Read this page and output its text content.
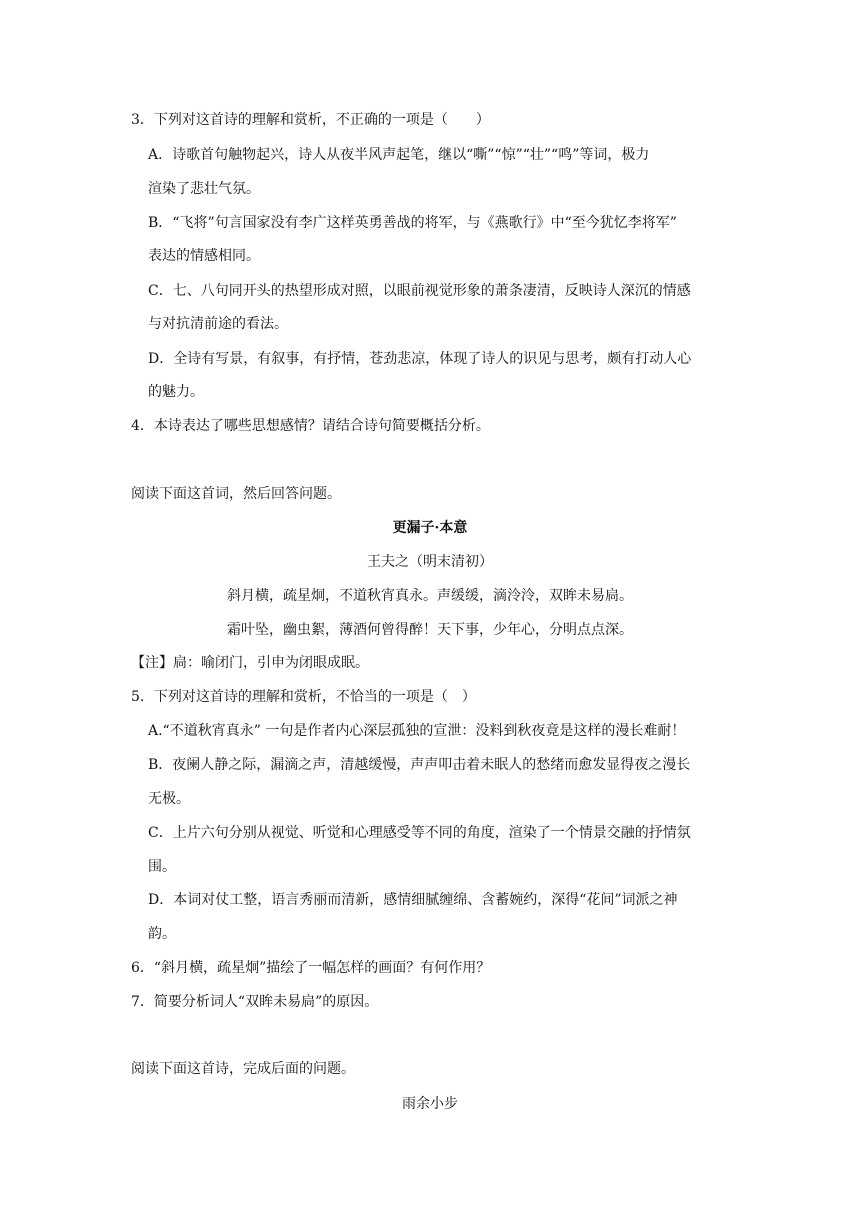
3．下列对这首诗的理解和赏析，不正确的一项是（　　）
A．诗歌首句触物起兴，诗人从夜半风声起笔，继以“嘶”“惊”“壮”“鸣”等词，极力
渲染了悲壮气氛。
B．“飞将”句言国家没有李广这样英勇善战的将军，与《燕歌行》中“至今犹忆李将军”
表达的情感相同。
C．七、八句同开头的热望形成对照，以眼前视觉形象的萧条凄清，反映诗人深沉的情感
与对抗清前途的看法。
D．全诗有写景，有叙事，有抒情，苍劲悲凉，体现了诗人的识见与思考，颇有打动人心
的魅力。
4．本诗表达了哪些思想感情？请结合诗句简要概括分析。
阅读下面这首词，然后回答问题。
更漏子·本意
王夫之（明末清初）
斜月横，疏星炯，不道秋宵真永。声缓缓，滴泠泠，双眸未易扃。
霜叶坠，幽虫絮，薄酒何曾得醉！天下事，少年心，分明点点深。
【注】扃：喻闭门，引申为闭眼成眠。
5．下列对这首诗的理解和赏析，不恰当的一项是（　）
A.“不道秋宵真永” 一句是作者内心深层孤独的宣泄：没料到秋夜竟是这样的漫长难耐！
B．夜阑人静之际，漏滴之声，清越缓慢，声声叩击着未眠人的愁绪而愈发显得夜之漫长
无极。
C．上片六句分别从视觉、听觉和心理感受等不同的角度，渲染了一个情景交融的抒情氛
围。
D．本词对仗工整，语言秀丽而清新，感情细腻缠绵、含蓄婉约，深得“花间”词派之神
韵。
6．“斜月横，疏星炯”描绘了一幅怎样的画面？有何作用？
7．简要分析词人“双眸未易扃”的原因。
阅读下面这首诗，完成后面的问题。
雨余小步
